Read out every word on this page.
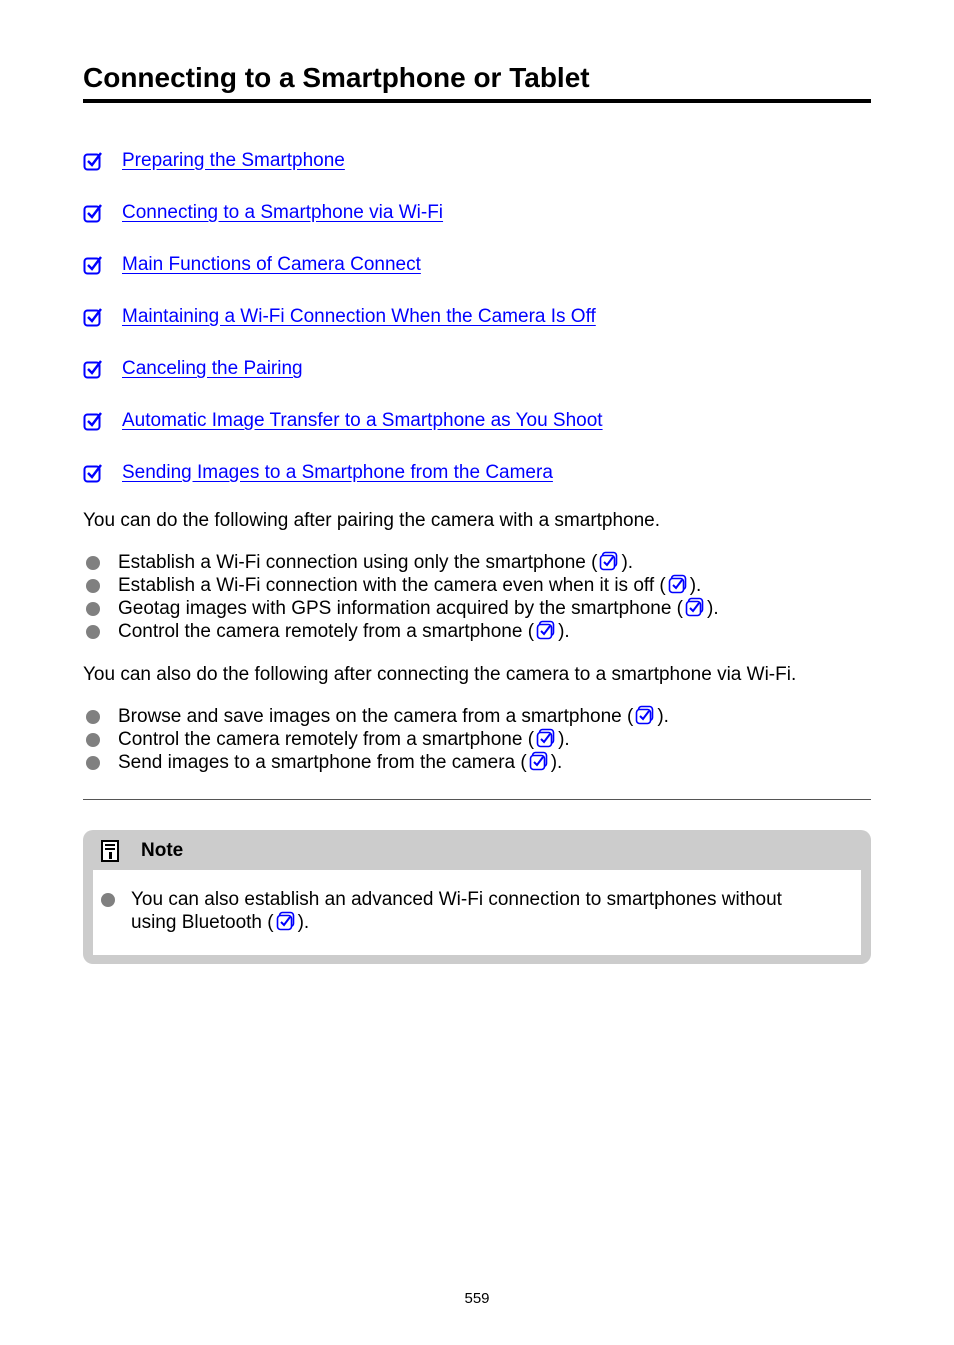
Connecting to a Smartphone or Tablet
Preparing the Smartphone
Connecting to a Smartphone via Wi-Fi
Main Functions of Camera Connect
Maintaining a Wi-Fi Connection When the Camera Is Off
Canceling the Pairing
Automatic Image Transfer to a Smartphone as You Shoot
Sending Images to a Smartphone from the Camera

You can do the following after pairing the camera with a smartphone.

Establish a Wi-Fi connection using only the smartphone ( ).
Establish a Wi-Fi connection with the camera even when it is off ( ).
Geotag images with GPS information acquired by the smartphone ( ).
Control the camera remotely from a smartphone ( ).

You can also do the following after connecting the camera to a smartphone via Wi-Fi.

Browse and save images on the camera from a smartphone ( ).
Control the camera remotely from a smartphone ( ).
Send images to a smartphone from the camera ( ).
Note
You can also establish an advanced Wi-Fi connection to smartphones without
using Bluetooth ( ).
559
